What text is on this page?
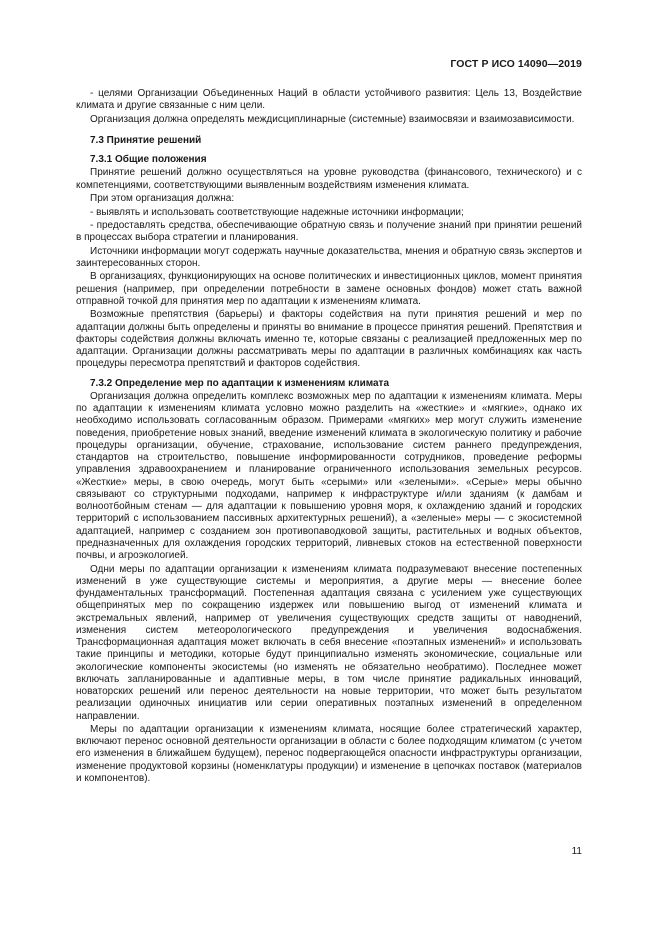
ГОСТ Р ИСО 14090—2019

- целями Организации Объединенных Наций в области устойчивого развития: Цель 13, Воздействие климата и другие связанные с ним цели.

Организация должна определять междисциплинарные (системные) взаимосвязи и взаимозависимости.

7.3 Принятие решений
7.3.1 Общие положения

Принятие решений должно осуществляться на уровне руководства (финансового, технического) и с компетенциями, соответствующими выявленным воздействиям изменения климата.

При этом организация должна:

- выявлять и использовать соответствующие надежные источники информации;

- предоставлять средства, обеспечивающие обратную связь и получение знаний при принятии решений в процессах выбора стратегии и планирования.

Источники информации могут содержать научные доказательства, мнения и обратную связь экспертов и заинтересованных сторон.

В организациях, функционирующих на основе политических и инвестиционных циклов, момент принятия решения (например, при определении потребности в замене основных фондов) может стать важной отправной точкой для принятия мер по адаптации к изменениям климата.

Возможные препятствия (барьеры) и факторы содействия на пути принятия решений и мер по адаптации должны быть определены и приняты во внимание в процессе принятия решений. Препятствия и факторы содействия должны включать именно те, которые связаны с реализацией предложенных мер по адаптации. Организации должны рассматривать меры по адаптации в различных комбинациях как часть процедуры пересмотра препятствий и факторов содействия.

7.3.2 Определение мер по адаптации к изменениям климата

Организация должна определить комплекс возможных мер по адаптации к изменениям климата. Меры по адаптации к изменениям климата условно можно разделить на «жесткие» и «мягкие», однако их необходимо использовать согласованным образом. Примерами «мягких» мер могут служить изменение поведения, приобретение новых знаний, введение изменений климата в экологическую политику и рабочие процедуры организации, обучение, страхование, использование систем раннего предупреждения, стандартов на строительство, повышение информированности сотрудников, проведение реформы управления здравоохранением и планирование ограниченного использования земельных ресурсов. «Жесткие» меры, в свою очередь, могут быть «серыми» или «зелеными». «Серые» меры обычно связывают со структурными подходами, например к инфраструктуре и/или зданиям (к дамбам и волноотбойным стенам — для адаптации к повышению уровня моря, к охлаждению зданий и городских территорий с использованием пассивных архитектурных решений), а «зеленые» меры — с экосистемной адаптацией, например с созданием зон противопаводковой защиты, растительных и водных объектов, предназначенных для охлаждения городских территорий, ливневых стоков на естественной поверхности почвы, и агроэкологией.

Одни меры по адаптации организации к изменениям климата подразумевают внесение постепенных изменений в уже существующие системы и мероприятия, а другие меры — внесение более фундаментальных трансформаций. Постепенная адаптация связана с усилением уже существующих общепринятых мер по сокращению издержек или повышению выгод от изменений климата и экстремальных явлений, например от увеличения существующих средств защиты от наводнений, изменения систем метеорологического предупреждения и увеличения водоснабжения. Трансформационная адаптация может включать в себя внесение «поэтапных изменений» и использовать такие принципы и методики, которые будут принципиально изменять экономические, социальные или экологические компоненты экосистемы (но изменять не обязательно необратимо). Последнее может включать запланированные и адаптивные меры, в том числе принятие радикальных инноваций, новаторских решений или перенос деятельности на новые территории, что может быть результатом реализации одиночных инициатив или серии оперативных поэтапных изменений в определенном направлении.

Меры по адаптации организации к изменениям климата, носящие более стратегический характер, включают перенос основной деятельности организации в области с более подходящим климатом (с учетом его изменения в ближайшем будущем), перенос подвергающейся опасности инфраструктуры организации, изменение продуктовой корзины (номенклатуры продукции) и изменение в цепочках поставок (материалов и компонентов).

11
